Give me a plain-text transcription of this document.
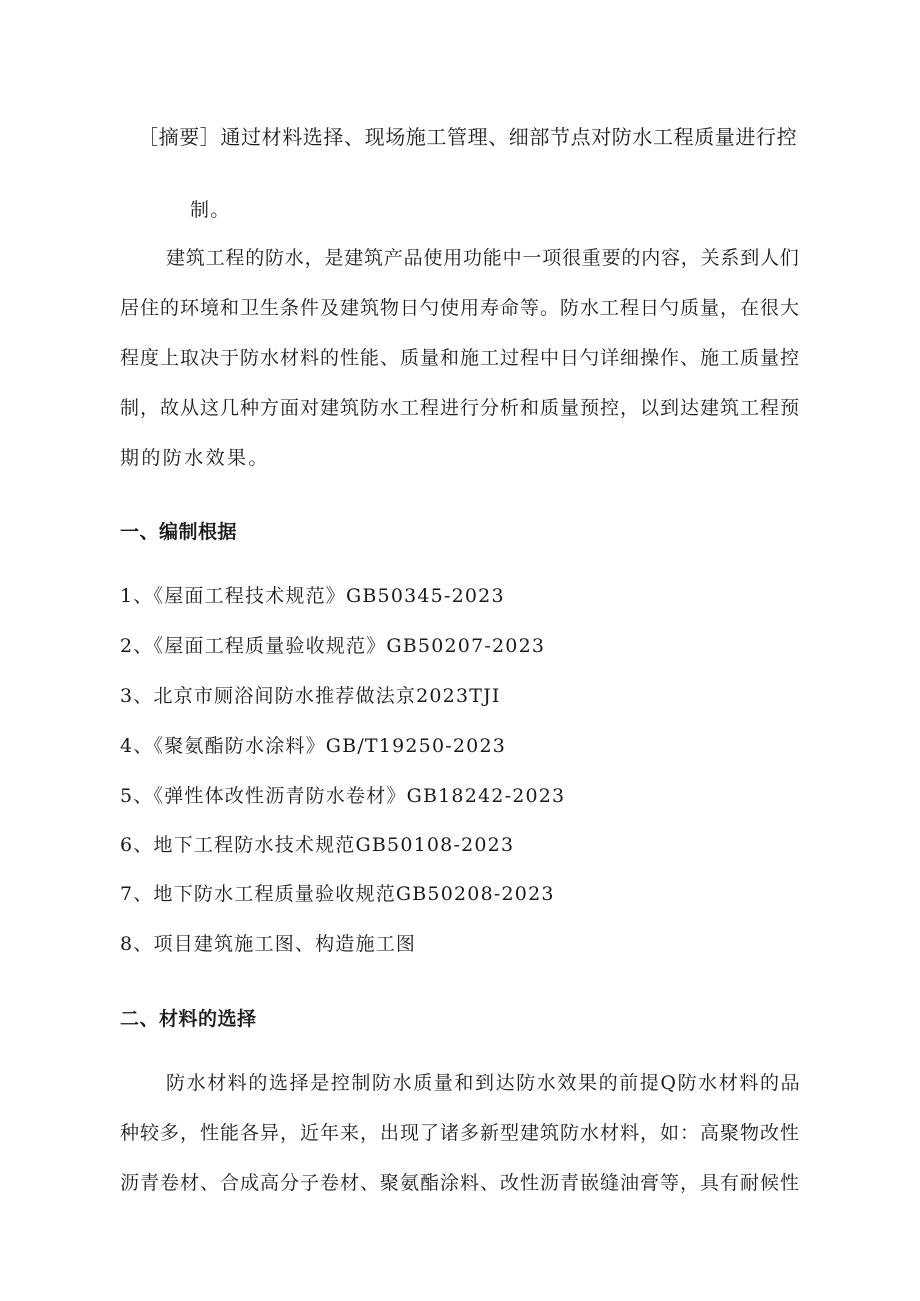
［摘要］通过材料选择、现场施工管理、细部节点对防水工程质量进行控
制。
建筑工程的防水，是建筑产品使用功能中一项很重要的内容，关系到人们
居住的环境和卫生条件及建筑物日勺使用寿命等。防水工程日勺质量，在很大
程度上取决于防水材料的性能、质量和施工过程中日勺详细操作、施工质量控
制，故从这几种方面对建筑防水工程进行分析和质量预控，以到达建筑工程预
期的防水效果。
一、编制根据
1、《屋面工程技术规范》GB50345-2023
2、《屋面工程质量验收规范》GB50207-2023
3、北京市厕浴间防水推荐做法京2023TJI
4、《聚氨酯防水涂料》GB/T19250-2023
5、《弹性体改性沥青防水卷材》GB18242-2023
6、地下工程防水技术规范GB50108-2023
7、地下防水工程质量验收规范GB50208-2023
8、项目建筑施工图、构造施工图
二、材料的选择
防水材料的选择是控制防水质量和到达防水效果的前提Q防水材料的品
种较多，性能各异，近年来，出现了诸多新型建筑防水材料，如：高聚物改性
沥青卷材、合成高分子卷材、聚氨酯涂料、改性沥青嵌缝油膏等，具有耐候性
